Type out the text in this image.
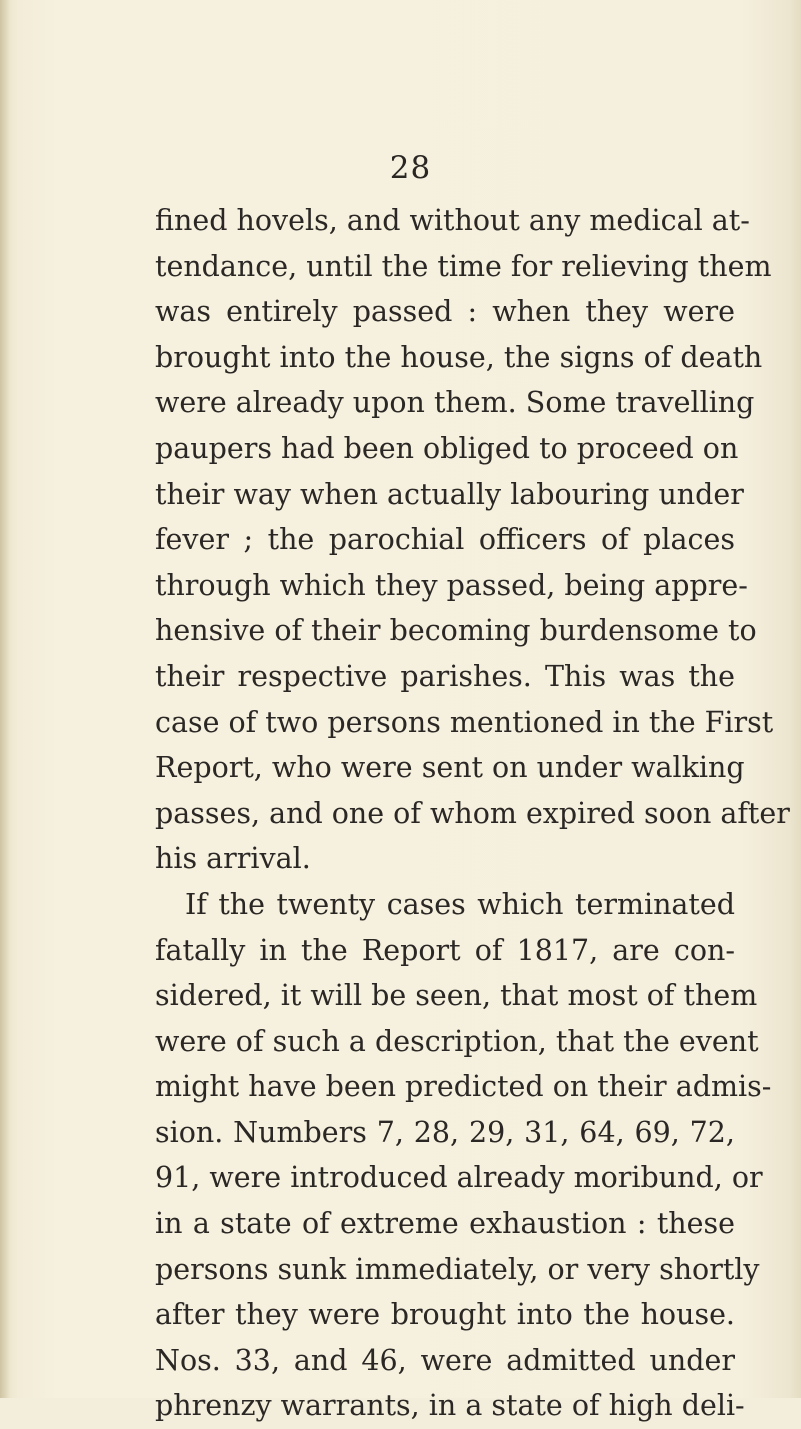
28
fined hovels, and without any medical at-
tendance, until the time for relieving them
was entirely passed : when they were
brought into the house, the signs of death
were already upon them. Some travelling
paupers had been obliged to proceed on
their way when actually labouring under
fever ; the parochial officers of places
through which they passed, being appre-
hensive of their becoming burdensome to
their respective parishes. This was the
case of two persons mentioned in the First
Report, who were sent on under walking
passes, and one of whom expired soon after
his arrival.
If the twenty cases which terminated
fatally in the Report of 1817, are con-
sidered, it will be seen, that most of them
were of such a description, that the event
might have been predicted on their admis-
sion. Numbers 7, 28, 29, 31, 64, 69, 72,
91, were introduced already moribund, or
in a state of extreme exhaustion : these
persons sunk immediately, or very shortly
after they were brought into the house.
Nos. 33, and 46, were admitted under
phrenzy warrants, in a state of high deli-
